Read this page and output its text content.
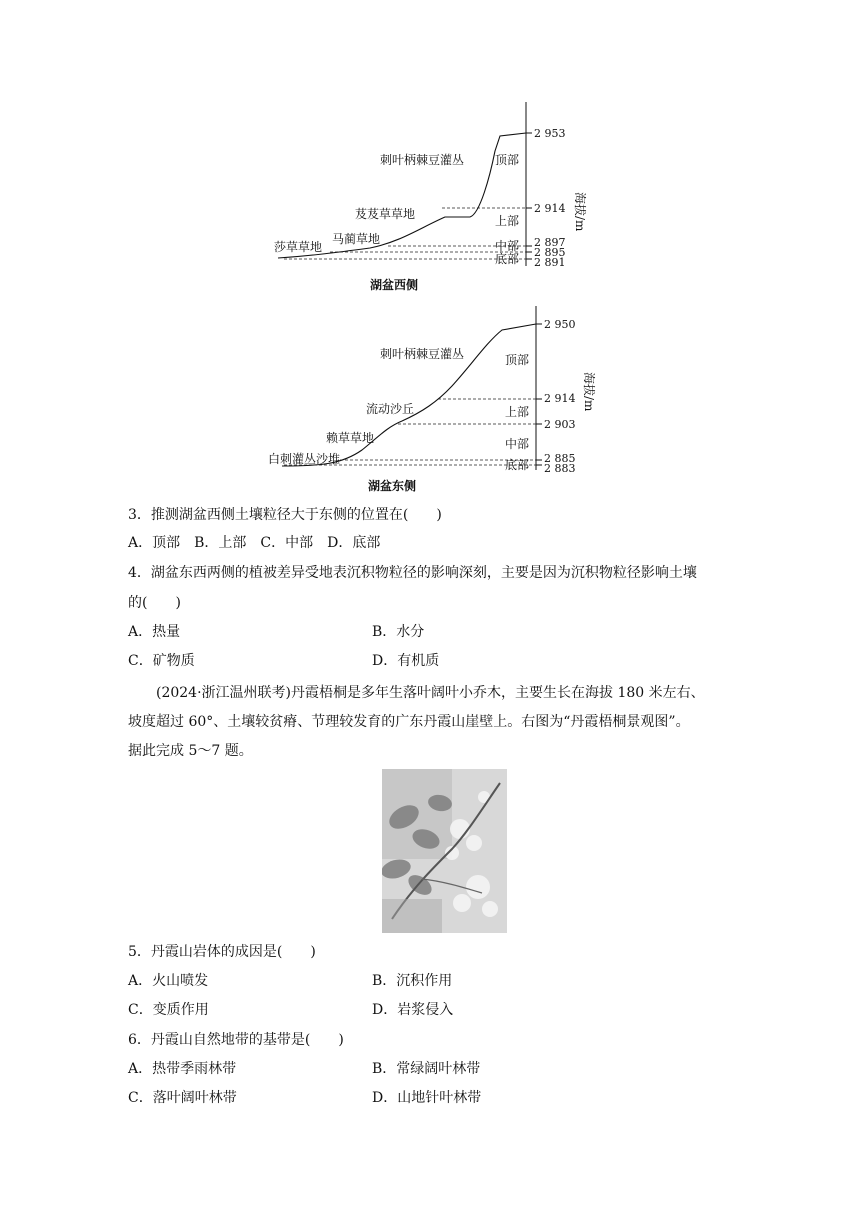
2 953
2 914
2 897
2 895
2 891
海拔/m
顶部
上部
中部
底部
刺叶柄棘豆灌丛
芨芨草草地
马蔺草地
莎草草地
湖盆西侧
2 950
2 914
2 903
2 885
2 883
海拔/m
顶部
上部
中部
底部
刺叶柄棘豆灌丛
流动沙丘
赖草草地
白刺灌丛沙堆
湖盆东侧
3．推测湖盆西侧土壤粒径大于东侧的位置在(　　)
A．顶部　B．上部　C．中部　D．底部
4．湖盆东西两侧的植被差异受地表沉积物粒径的影响深刻，主要是因为沉积物粒径影响土壤
的(　　)
A．热量	B．水分
C．矿物质	D．有机质
(2024·浙江温州联考)丹霞梧桐是多年生落叶阔叶小乔木，主要生长在海拔 180 米左右、
坡度超过 60°、土壤较贫瘠、节理较发育的广东丹霞山崖壁上。右图为“丹霞梧桐景观图”。
据此完成 5～7 题。
5．丹霞山岩体的成因是(　　)
A．火山喷发	B．沉积作用
C．变质作用	D．岩浆侵入
6．丹霞山自然地带的基带是(　　)
A．热带季雨林带	B．常绿阔叶林带
C．落叶阔叶林带	D．山地针叶林带
